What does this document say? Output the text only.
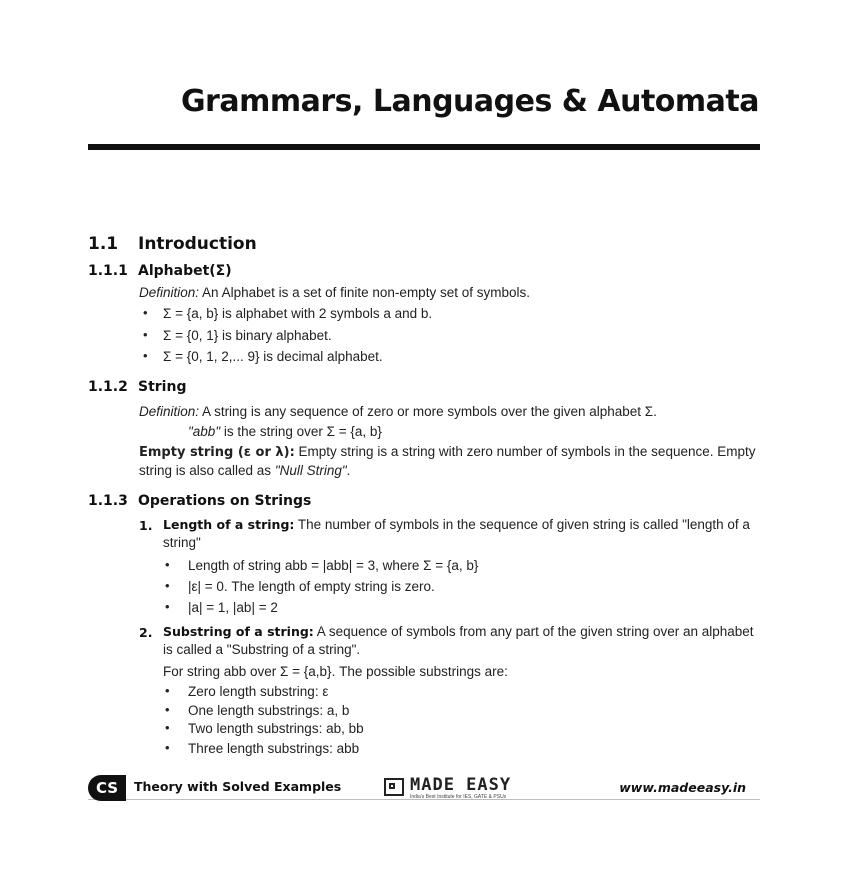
Grammars, Languages & Automata
1.1 Introduction
1.1.1 Alphabet(Σ)
Definition: An Alphabet is a set of finite non-empty set of symbols.
• Σ = {a, b} is alphabet with 2 symbols a and b.
• Σ = {0, 1} is binary alphabet.
• Σ = {0, 1, 2,... 9} is decimal alphabet.
1.1.2 String
Definition: A string is any sequence of zero or more symbols over the given alphabet Σ.
"abb" is the string over Σ = {a, b}
Empty string (ε or λ): Empty string is a string with zero number of symbols in the sequence. Empty string is also called as "Null String".
1.1.3 Operations on Strings
1. Length of a string: The number of symbols in the sequence of given string is called "length of a string"
• Length of string abb = |abb| = 3, where Σ = {a, b}
• |ε| = 0. The length of empty string is zero.
• |a| = 1, |ab| = 2
2. Substring of a string: A sequence of symbols from any part of the given string over an alphabet is called a "Substring of a string".
For string abb over Σ = {a,b}. The possible substrings are:
• Zero length substring: ε
• One length substrings: a, b
• Two length substrings: ab, bb
• Three length substrings: abb
CS	Theory with Solved Examples	MADE EASY
India's Best Institute for IES, GATE & PSUs
www.madeeasy.in
